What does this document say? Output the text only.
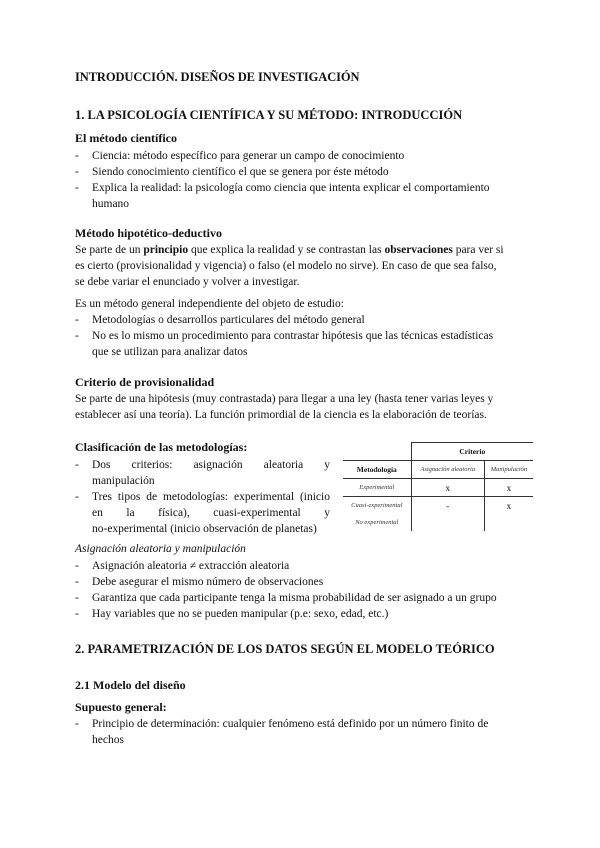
INTRODUCCIÓN. DISEÑOS DE INVESTIGACIÓN
1. LA PSICOLOGÍA CIENTÍFICA Y SU MÉTODO: INTRODUCCIÓN
El método científico
- Ciencia: método específico para generar un campo de conocimiento
- Siendo conocimiento científico el que se genera por éste método
- Explica la realidad: la psicología como ciencia que intenta explicar el comportamiento
humano
Método hipotético-deductivo
Se parte de un principio que explica la realidad y se contrastan las observaciones para ver si
es cierto (provisionalidad y vigencia) o falso (el modelo no sirve). En caso de que sea falso,
se debe variar el enunciado y volver a investigar.
Es un método general independiente del objeto de estudio:
- Metodologías o desarrollos particulares del método general
- No es lo mismo un procedimiento para contrastar hipótesis que las técnicas estadísticas
que se utilizan para analizar datos
Criterio de provisionalidad
Se parte de una hipótesis (muy contrastada) para llegar a una ley (hasta tener varias leyes y
establecer así una teoría). La función primordial de la ciencia es la elaboración de teorías.
Clasificación de las metodologías:
- Dos criterios: asignación aleatoria y
manipulación
- Tres tipos de metodologías: experimental (inicio
en la física), cuasi-experimental y
no-experimental (inicio observación de planetas)
	Criterio	
Metodología	Asignación aleatoria	Manipulación
Experimental	x	x
Cuasi-experimental	-	x
No experimental		
Asignación aleatoria y manipulación
- Asignación aleatoria ≠ extracción aleatoria
- Debe asegurar el mismo número de observaciones
- Garantiza que cada participante tenga la misma probabilidad de ser asignado a un grupo
- Hay variables que no se pueden manipular (p.e: sexo, edad, etc.)
2. PARAMETRIZACIÓN DE LOS DATOS SEGÚN EL MODELO TEÓRICO
2.1 Modelo del diseño
Supuesto general:
- Principio de determinación: cualquier fenómeno está definido por un número finito de
hechos
